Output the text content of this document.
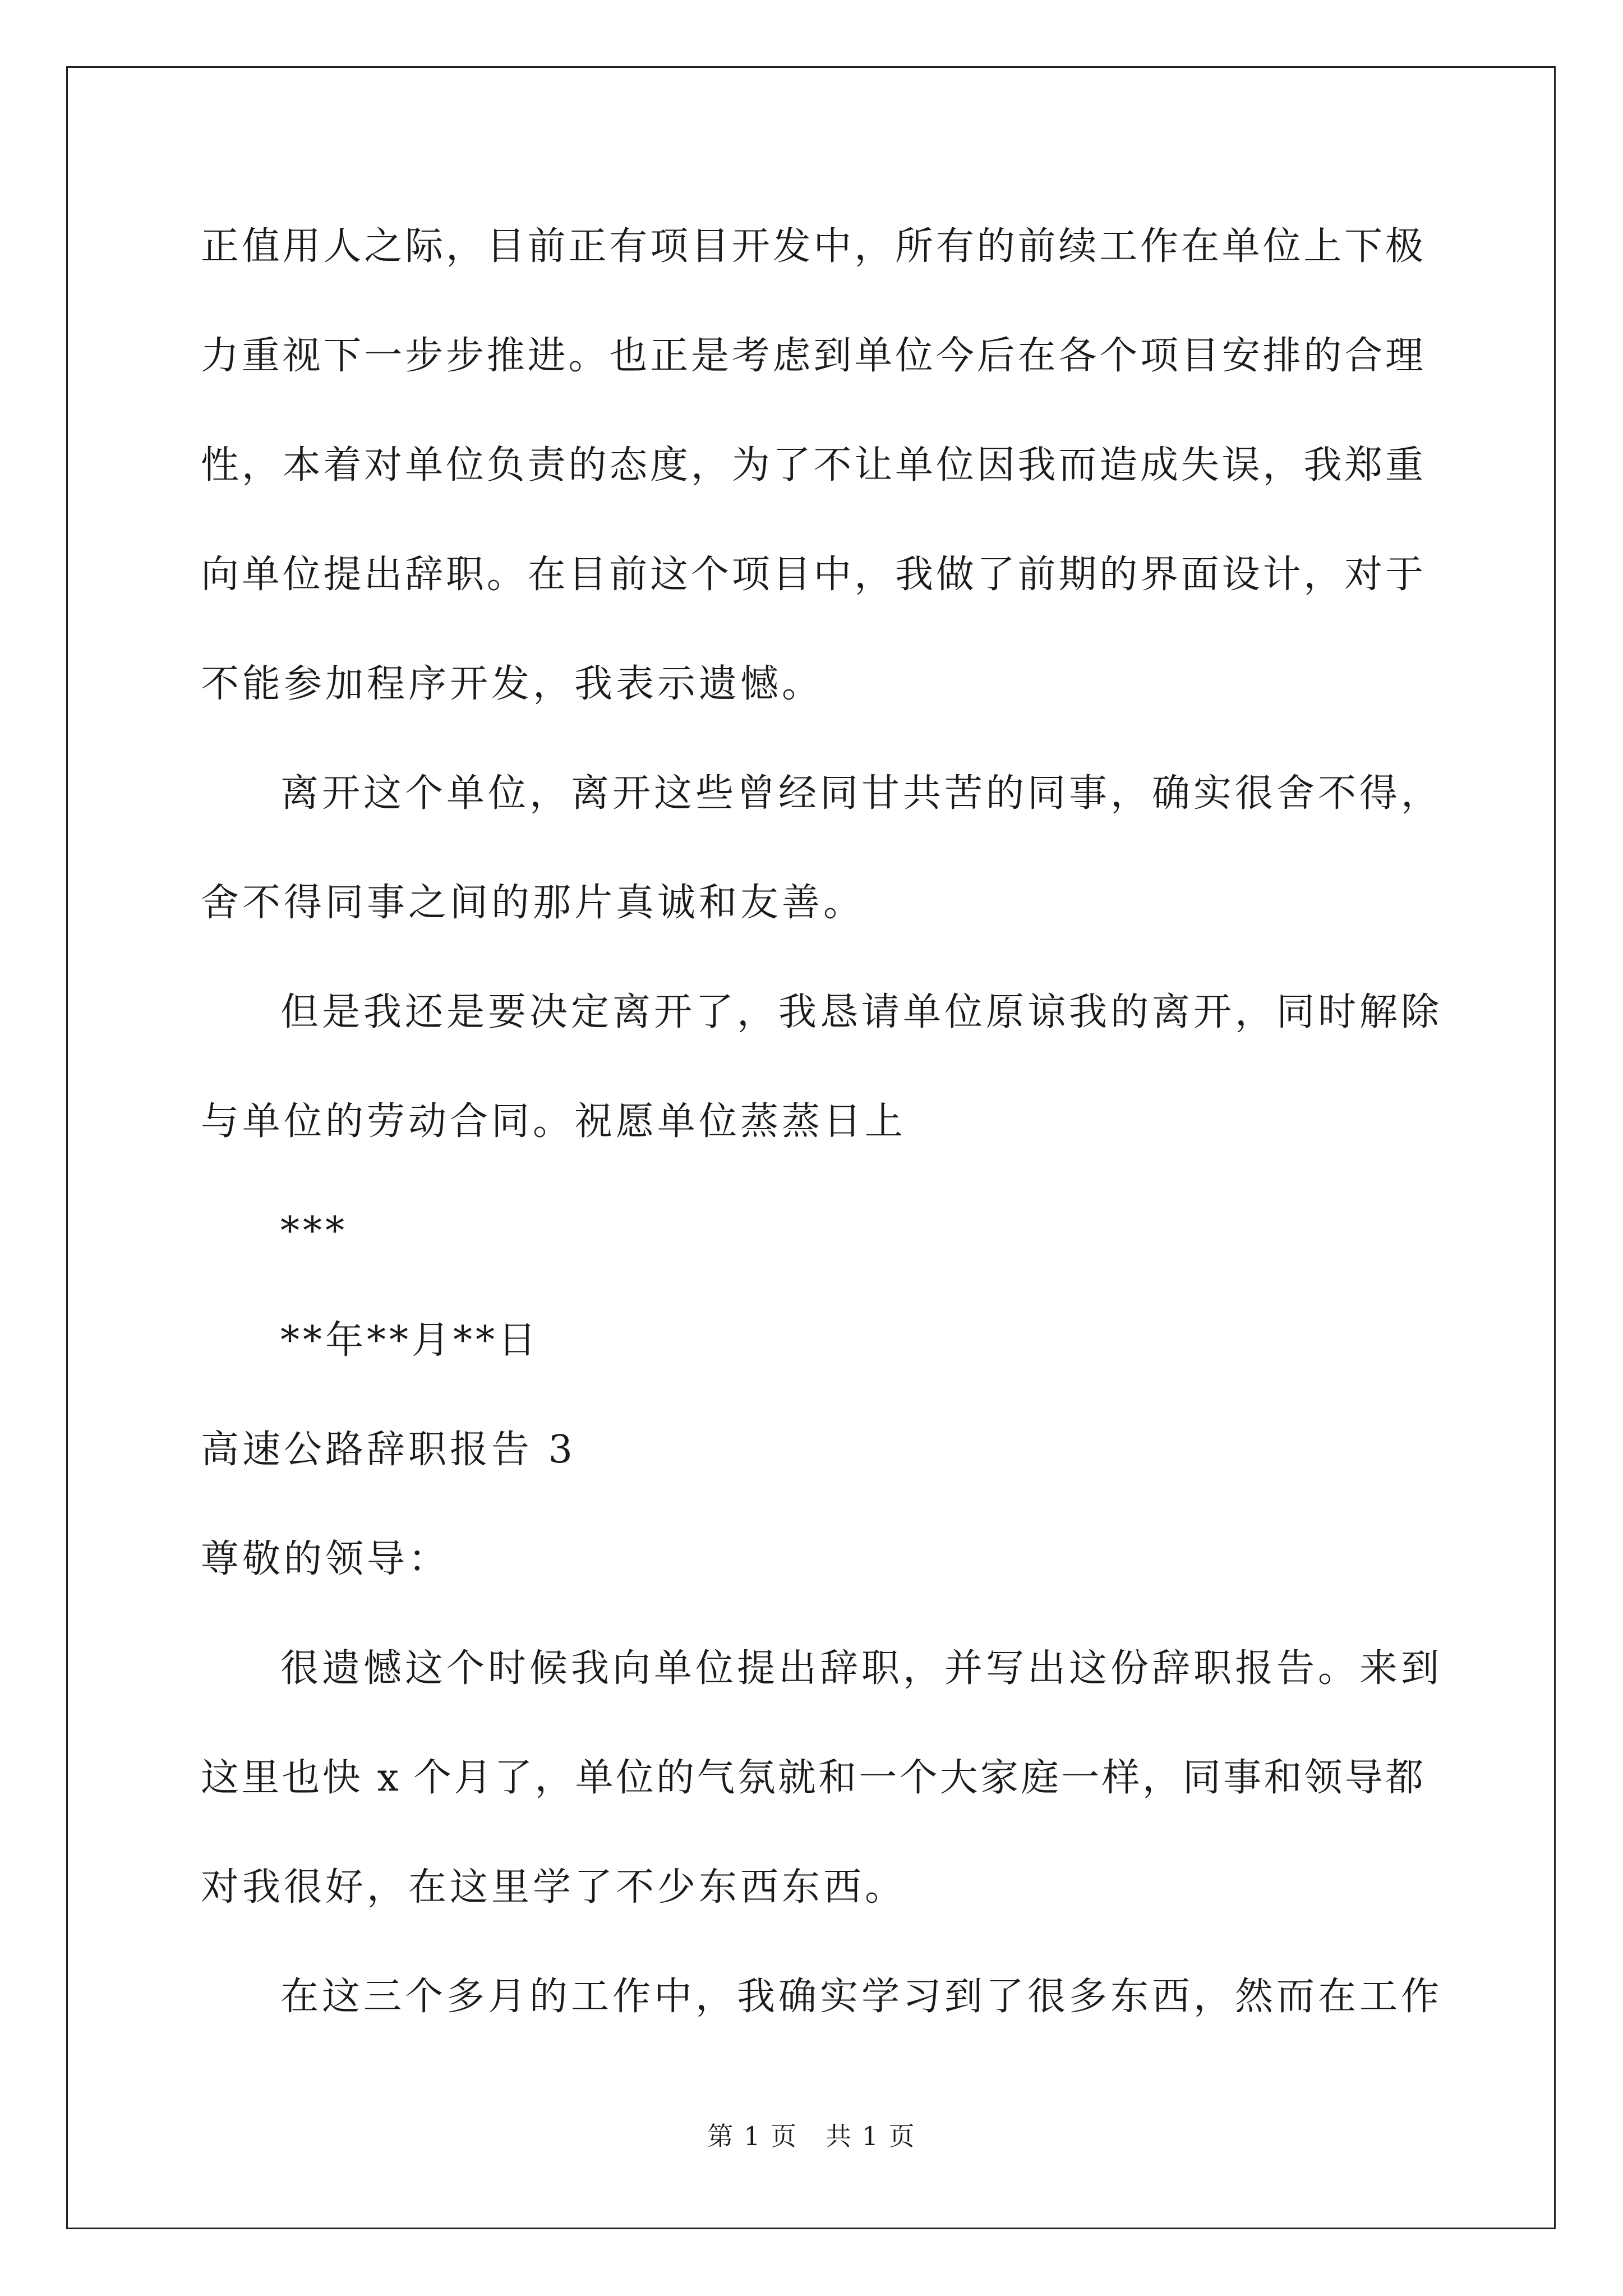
正值用人之际，目前正有项目开发中，所有的前续工作在单位上下极
力重视下一步步推进。也正是考虑到单位今后在各个项目安排的合理
性，本着对单位负责的态度，为了不让单位因我而造成失误，我郑重
向单位提出辞职。在目前这个项目中，我做了前期的界面设计，对于
不能参加程序开发，我表示遗憾。
离开这个单位，离开这些曾经同甘共苦的同事，确实很舍不得，
舍不得同事之间的那片真诚和友善。
但是我还是要决定离开了，我恳请单位原谅我的离开，同时解除
与单位的劳动合同。祝愿单位蒸蒸日上
***
**年**月**日
高速公路辞职报告 3
尊敬的领导：
很遗憾这个时候我向单位提出辞职，并写出这份辞职报告。来到
这里也快 x 个月了，单位的气氛就和一个大家庭一样，同事和领导都
对我很好，在这里学了不少东西东西。
在这三个多月的工作中，我确实学习到了很多东西，然而在工作
第 1 页 共 1 页
